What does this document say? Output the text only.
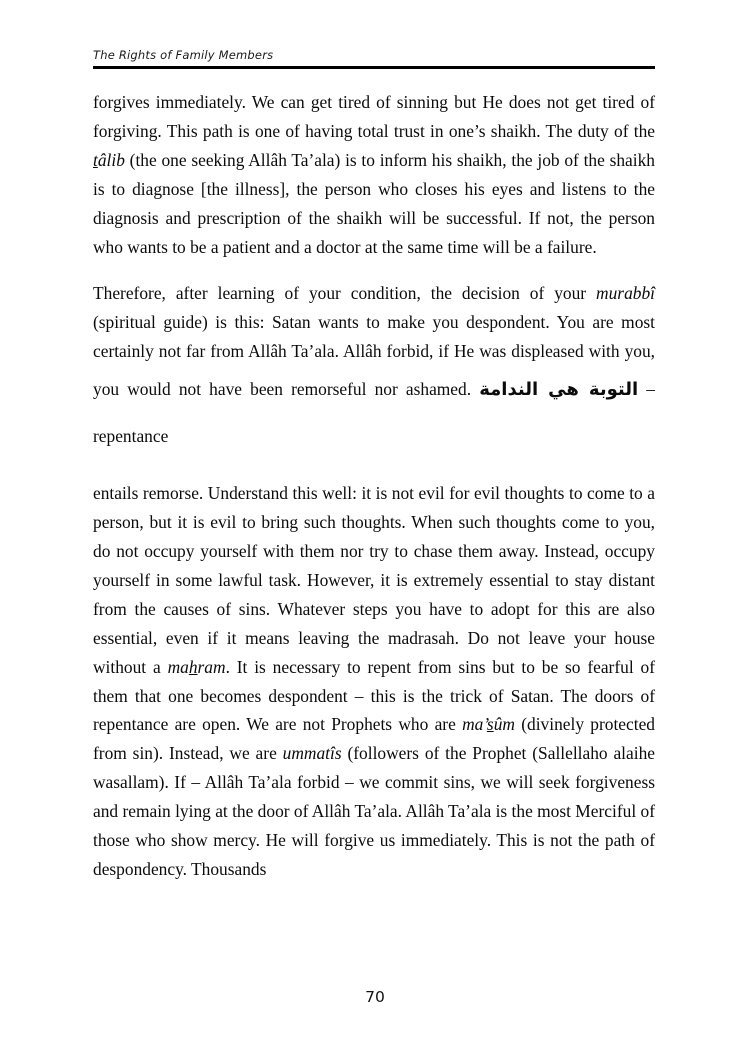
The Rights of Family Members

forgives immediately. We can get tired of sinning but He does not get tired of forgiving. This path is one of having total trust in one’s shaikh. The duty of the tâlib (the one seeking Allâh Ta’ala) is to inform his shaikh, the job of the shaikh is to diagnose [the illness], the person who closes his eyes and listens to the diagnosis and prescription of the shaikh will be successful. If not, the person who wants to be a patient and a doctor at the same time will be a failure.

Therefore, after learning of your condition, the decision of your murabbî (spiritual guide) is this: Satan wants to make you despondent. You are most certainly not far from Allâh Ta’ala. Allâh forbid, if He was displeased with you, you would not have been remorseful nor ashamed. التوبة هي الندامة – repentance

entails remorse. Understand this well: it is not evil for evil thoughts to come to a person, but it is evil to bring such thoughts. When such thoughts come to you, do not occupy yourself with them nor try to chase them away. Instead, occupy yourself in some lawful task. However, it is extremely essential to stay distant from the causes of sins. Whatever steps you have to adopt for this are also essential, even if it means leaving the madrasah. Do not leave your house without a mahram. It is necessary to repent from sins but to be so fearful of them that one becomes despondent – this is the trick of Satan. The doors of repentance are open. We are not Prophets who are ma’sûm (divinely protected from sin). Instead, we are ummatîs (followers of the Prophet (Sallellaho alaihe wasallam). If – Allâh Ta’ala forbid – we commit sins, we will seek forgiveness and remain lying at the door of Allâh Ta’ala. Allâh Ta’ala is the most Merciful of those who show mercy. He will forgive us immediately. This is not the path of despondency. Thousands

70
